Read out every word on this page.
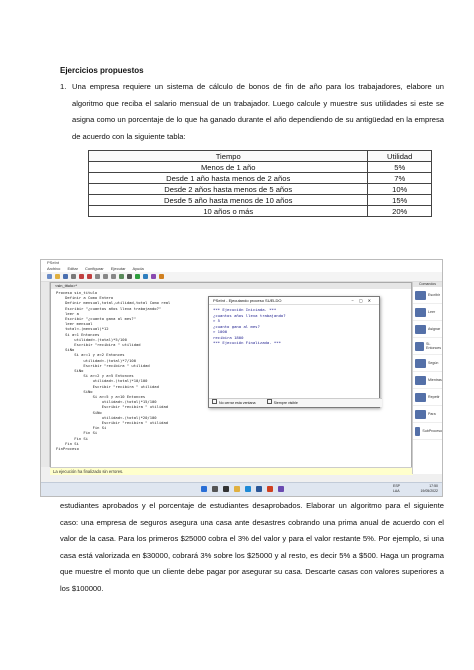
Ejercicios propuestos
1. Una empresa requiere un sistema de cálculo de bonos de fin de año para los trabajadores, elabore un algoritmo que reciba el salario mensual de un trabajador. Luego calcule y muestre sus utilidades si este se asigna como un porcentaje de lo que ha ganado durante el año dependiendo de su antigüedad en la empresa de acuerdo con la siguiente tabla:

Tiempo	Utilidad
Menos de 1 año	5%
Desde 1 año hasta menos de 2 años	7%
Desde 2 años hasta menos de 5 años	10%
Desde 5 año hasta menos de 10 años	15%
10 años o más	20%
PSeInt
Archivo Editar Configurar Ejecutar Ayuda
<sin_titulo>*
Proceso sin_titulo
Definir a Como Entero
Definir mensual,total,utilidad,total Como real
Escribir "¿cuantos años lleva trabajando?"
leer a
Escribir "¿cuanto gana al mes?"
leer mensual
total<-(mensual)*12
Si a<1 Entonces
utilidad<-(total)*5/100
Escribir "recibira " utilidad
SiNo
Si a>=1 y a<2 Entonces
utilidad<-(total)*7/100
Escribir "recibira " utilidad
SiNo
Si a>=2 y a<5 Entonces
utilidad<-(total)*10/100
Escribir "recibira " utilidad
SiNo
Si a>=5 y a<10 Entonces
utilidad<-(total)*15/100
Escribir "recibira " utilidad
SiNo
utilidad<-(total)*20/100
Escribir "recibira " utilidad
Fin Si
Fin Si
Fin Si
Fin Si
FinProceso
La ejecución ha finalizado sin errores.
Comandos
Escribir
Leer
Asignar
Si-Entonces
Según
Mientras
Repetir
Para
SubProceso
PSeInt - Ejecutando proceso SUELDO	−▢✕
*** Ejecución Iniciada. ***
¿cuantos años lleva trabajando?
> 5
¿cuanto gana al mes?
> 1000
recibira 1800
*** Ejecución Finalizada. ***
No cerrar esta ventana	Siempre visible
ESP
LAA
17:50
19/05/2022
estudiantes aprobados y el porcentaje de estudiantes desaprobados. Elaborar un algoritmo para el siguiente caso: una empresa de seguros asegura una casa ante desastres cobrando una prima anual de acuerdo con el valor de la casa. Para los primeros $25000 cobra el 3% del valor y para el valor restante 5%. Por ejemplo, si una casa está valorizada en $30000, cobrará 3% sobre los $25000 y al resto, es decir 5% a $500. Haga un programa que muestre el monto que un cliente debe pagar por asegurar su casa. Descarte casas con valores superiores a los $100000.
